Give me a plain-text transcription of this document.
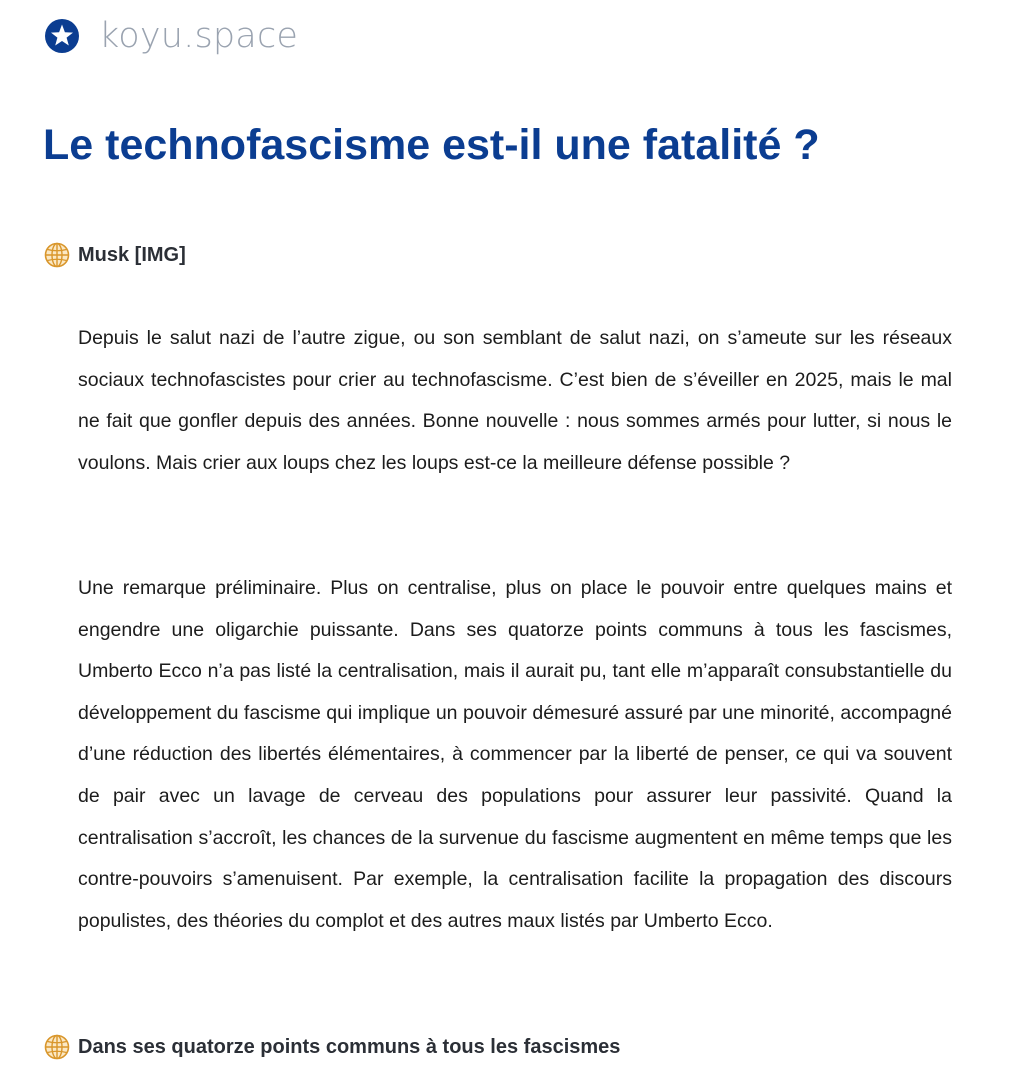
koyu.space
Le technofascisme est-il une fatalité ?
Musk [IMG]

Depuis le salut nazi de l’autre zigue, ou son semblant de salut nazi, on s’ameute sur les réseaux sociaux technofascistes pour crier au technofascisme. C’est bien de s’éveiller en 2025, mais le mal ne fait que gonfler depuis des années. Bonne nouvelle : nous sommes armés pour lutter, si nous le voulons. Mais crier aux loups chez les loups est-ce la meilleure défense possible ?

Une remarque préliminaire. Plus on centralise, plus on place le pouvoir entre quelques mains et engendre une oligarchie puissante. Dans ses quatorze points communs à tous les fascismes, Umberto Ecco n’a pas listé la centralisation, mais il aurait pu, tant elle m’apparaît consubstantielle du développement du fascisme qui implique un pouvoir démesuré assuré par une minorité, accompagné d’une réduction des libertés élémentaires, à commencer par la liberté de penser, ce qui va souvent de pair avec un lavage de cerveau des populations pour assurer leur passivité. Quand la centralisation s’accroît, les chances de la survenue du fascisme augmentent en même temps que les contre-pouvoirs s’amenuisent. Par exemple, la centralisation facilite la propagation des discours populistes, des théories du complot et des autres maux listés par Umberto Ecco.

Dans ses quatorze points communs à tous les fascismes
